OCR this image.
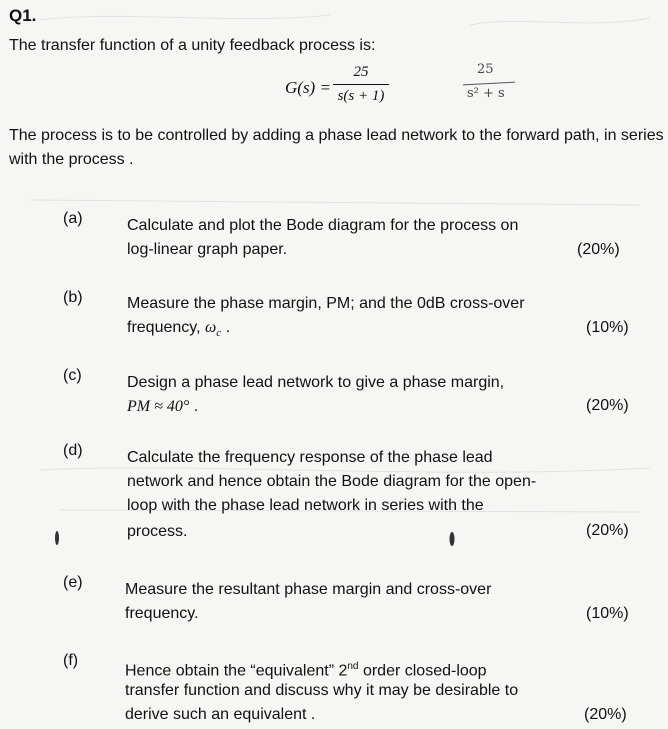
Q1.
The transfer function of a unity feedback process is:
G(s) =
25
s(s + 1)
25
s² + s
The process is to be controlled by adding a phase lead network to the forward path, in series with the process .
(a)	Calculate and plot the Bode diagram for the process on
log-linear graph paper.	(20%)
(b)	Measure the phase margin, PM; and the 0dB cross-over
frequency, $\omega_c$ .	(10%)
(c)	Design a phase lead network to give a phase margin,
PM ≈ 40° .	(20%)
(d)	Calculate the frequency response of the phase lead
network and hence obtain the Bode diagram for the open-
loop with the phase lead network in series with the
process.	(20%)
(e)	Measure the resultant phase margin and cross-over
frequency.	(10%)
(f)
Hence obtain the “equivalent” 2nd order closed-loop
transfer function and discuss why it may be desirable to
derive such an equivalent .	(20%)
